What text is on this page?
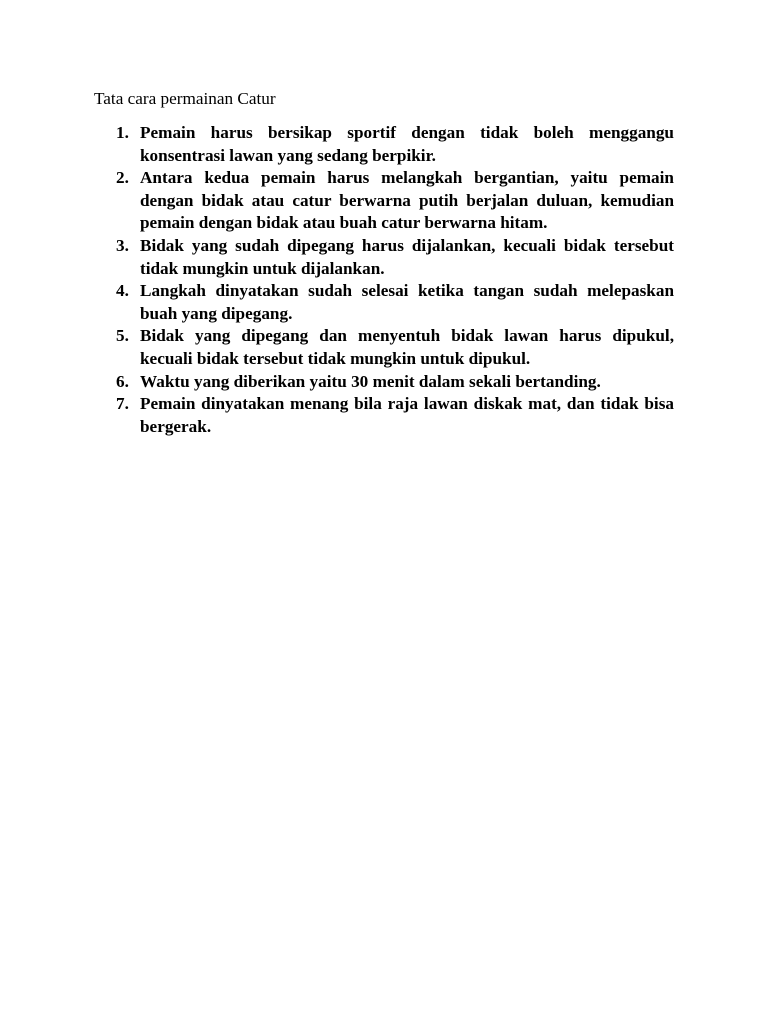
Tata cara permainan Catur
1. Pemain harus bersikap sportif dengan tidak boleh menggangu konsentrasi lawan yang sedang berpikir.
2. Antara kedua pemain harus melangkah bergantian, yaitu pemain dengan bidak atau catur berwarna putih berjalan duluan, kemudian pemain dengan bidak atau buah catur berwarna hitam.
3. Bidak yang sudah dipegang harus dijalankan, kecuali bidak tersebut tidak mungkin untuk dijalankan.
4. Langkah dinyatakan sudah selesai ketika tangan sudah melepaskan buah yang dipegang.
5. Bidak yang dipegang dan menyentuh bidak lawan harus dipukul, kecuali bidak tersebut tidak mungkin untuk dipukul.
6. Waktu yang diberikan yaitu 30 menit dalam sekali bertanding.
7. Pemain dinyatakan menang bila raja lawan diskak mat, dan tidak bisa bergerak.
